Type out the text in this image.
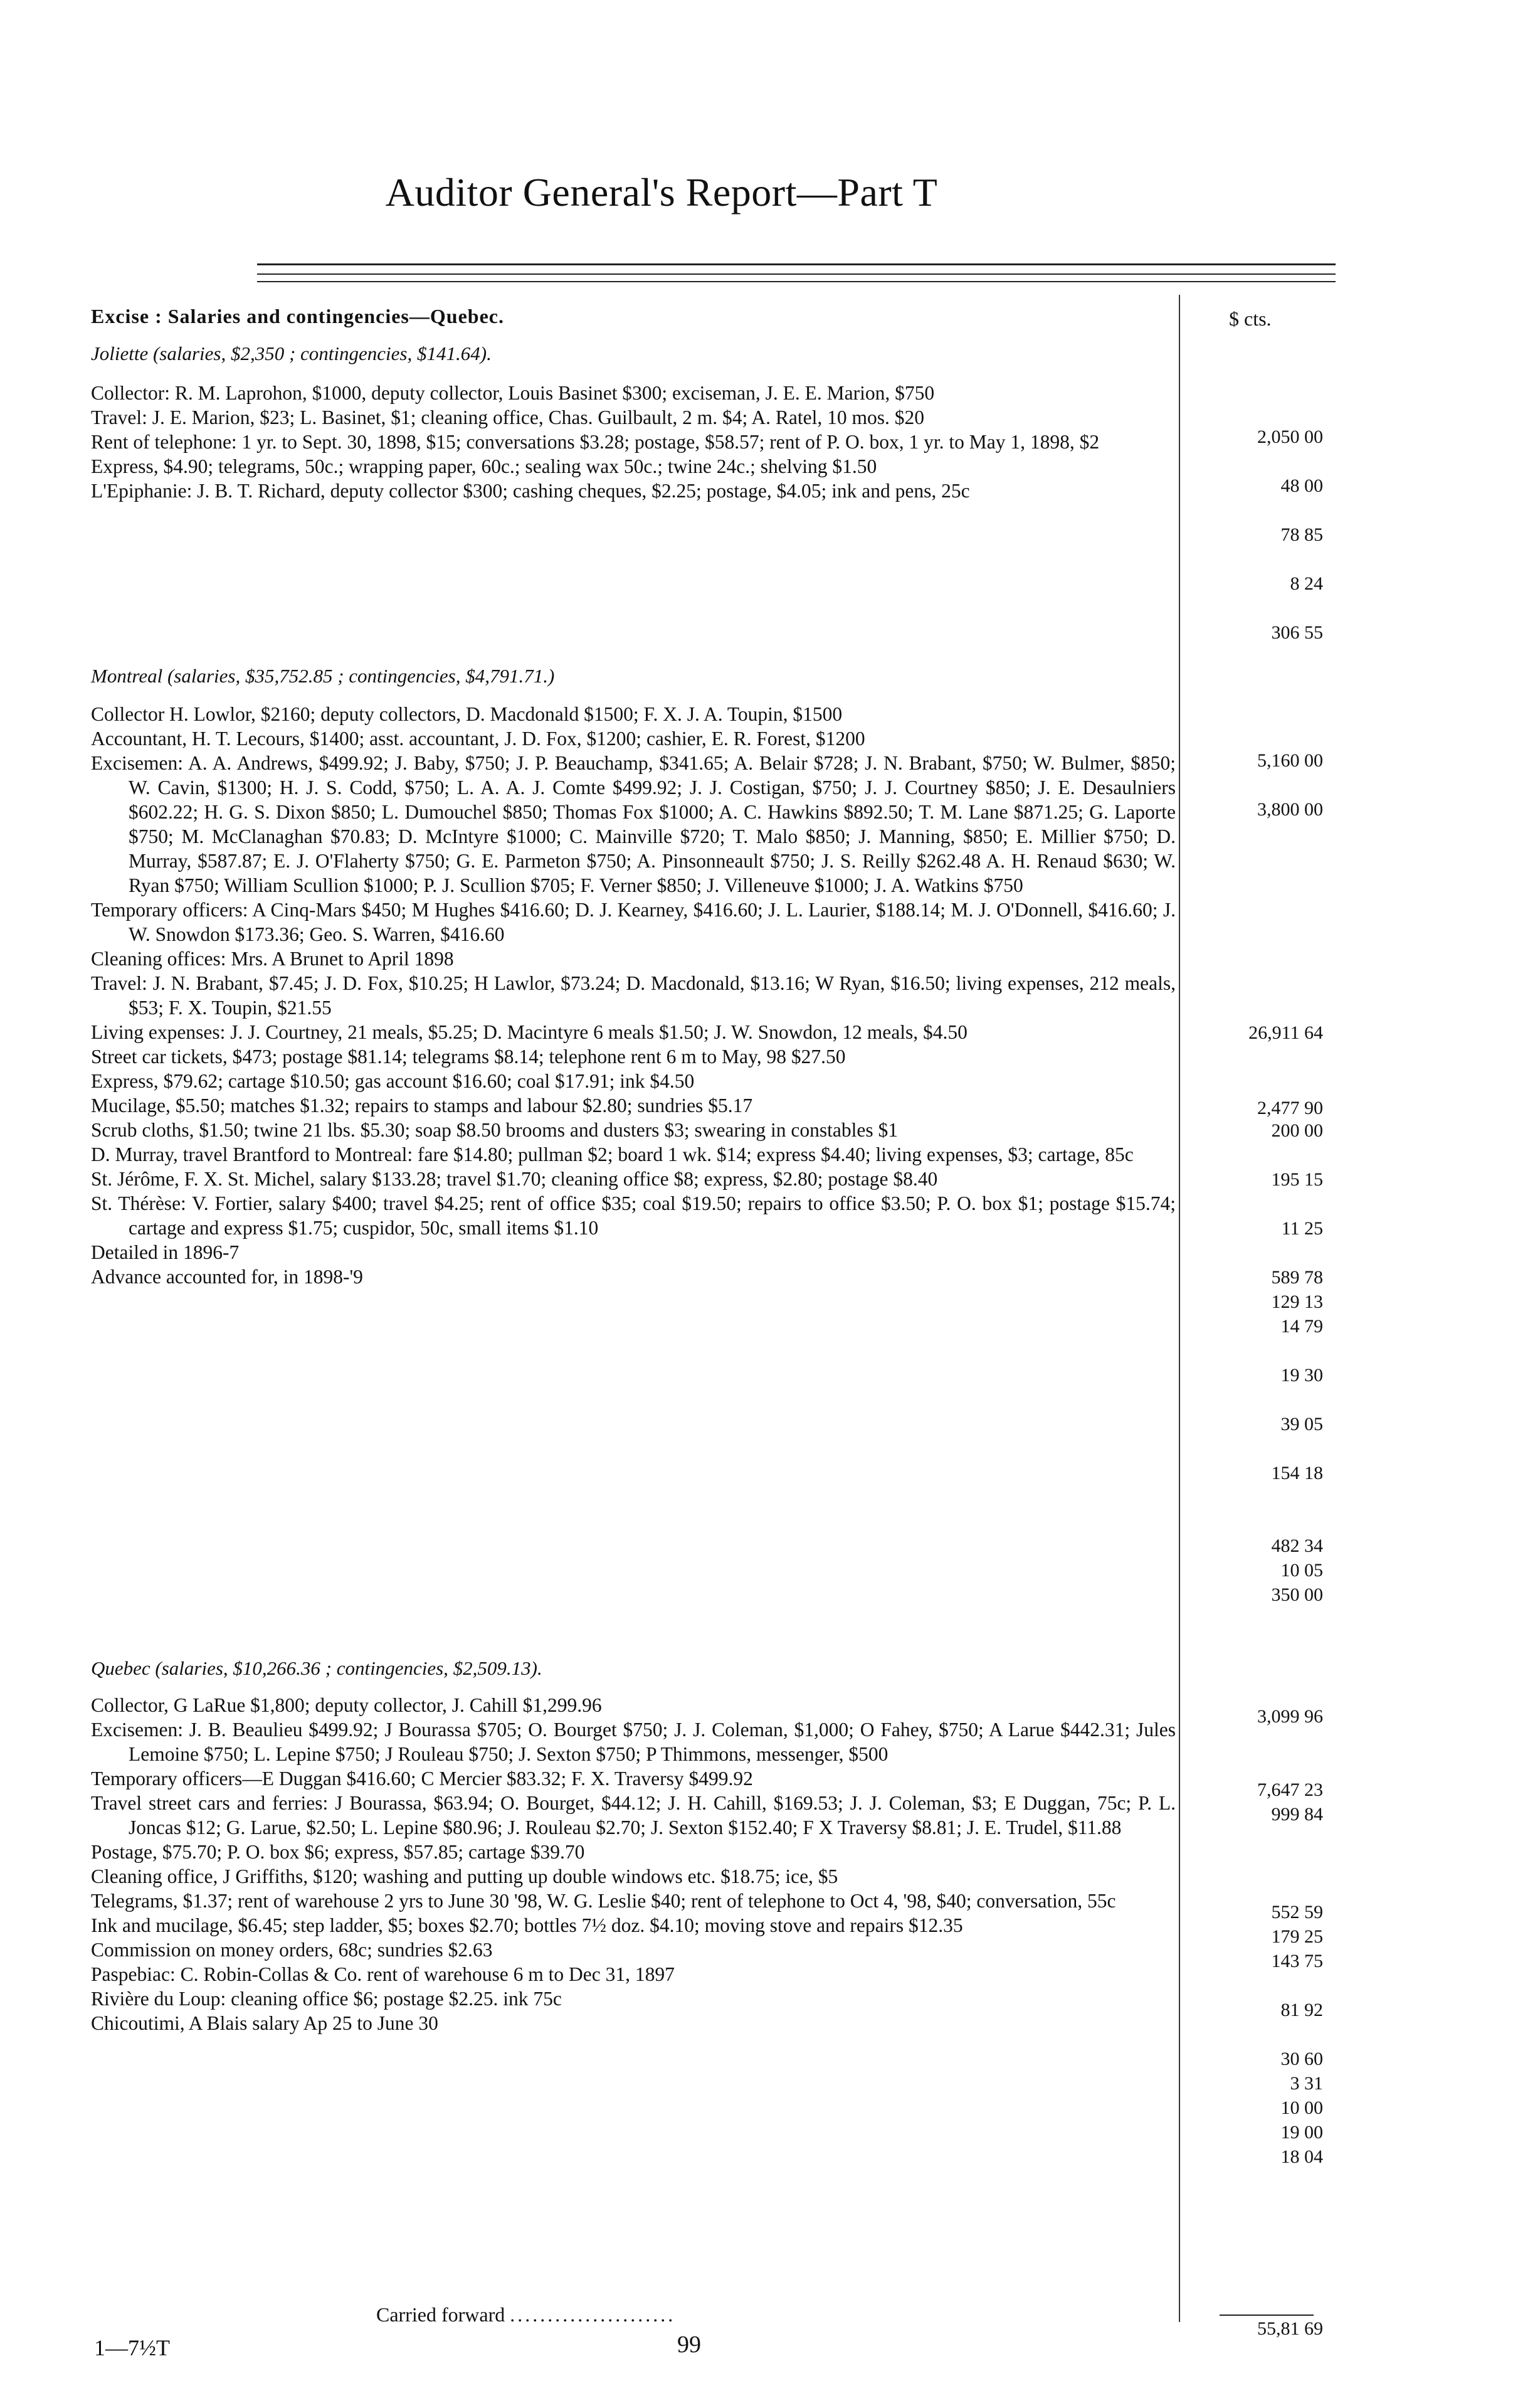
Auditor General's Report—Part T
$ cts.

Excise : Salaries and contingencies—Quebec.

Joliette (salaries, $2,350 ; contingencies, $141.64).

Collector: R. M. Laprohon, $1000, deputy collector, Louis Basinet $300; exciseman, J. E. E. Marion, $750

Travel: J. E. Marion, $23; L. Basinet, $1; cleaning office, Chas. Guilbault, 2 m. $4; A. Ratel, 10 mos. $20

Rent of telephone: 1 yr. to Sept. 30, 1898, $15; conversations $3.28; postage, $58.57; rent of P. O. box, 1 yr. to May 1, 1898, $2

Express, $4.90; telegrams, 50c.; wrapping paper, 60c.; sealing wax 50c.; twine 24c.; shelving $1.50

L'Epiphanie: J. B. T. Richard, deputy collector $300; cashing cheques, $2.25; postage, $4.05; ink and pens, 25c

Montreal (salaries, $35,752.85 ; contingencies, $4,791.71.)

Collector H. Lowlor, $2160; deputy collectors, D. Macdonald $1500; F. X. J. A. Toupin, $1500

Accountant, H. T. Lecours, $1400; asst. accountant, J. D. Fox, $1200; cashier, E. R. Forest, $1200

Excisemen: A. A. Andrews, $499.92; J. Baby, $750; J. P. Beauchamp, $341.65; A. Belair $728; J. N. Brabant, $750; W. Bulmer, $850; W. Cavin, $1300; H. J. S. Codd, $750; L. A. A. J. Comte $499.92; J. J. Costigan, $750; J. J. Courtney $850; J. E. Desaulniers $602.22; H. G. S. Dixon $850; L. Dumouchel $850; Thomas Fox $1000; A. C. Hawkins $892.50; T. M. Lane $871.25; G. Laporte $750; M. McClanaghan $70.83; D. McIntyre $1000; C. Mainville $720; T. Malo $850; J. Manning, $850; E. Millier $750; D. Murray, $587.87; E. J. O'Flaherty $750; G. E. Parmeton $750; A. Pinsonneault $750; J. S. Reilly $262.48 A. H. Renaud $630; W. Ryan $750; William Scullion $1000; P. J. Scullion $705; F. Verner $850; J. Villeneuve $1000; J. A. Watkins $750

Temporary officers: A Cinq-Mars $450; M Hughes $416.60; D. J. Kearney, $416.60; J. L. Laurier, $188.14; M. J. O'Donnell, $416.60; J. W. Snowdon $173.36; Geo. S. Warren, $416.60

Cleaning offices: Mrs. A Brunet to April 1898

Travel: J. N. Brabant, $7.45; J. D. Fox, $10.25; H Lawlor, $73.24; D. Macdonald, $13.16; W Ryan, $16.50; living expenses, 212 meals, $53; F. X. Toupin, $21.55

Living expenses: J. J. Courtney, 21 meals, $5.25; D. Macintyre 6 meals $1.50; J. W. Snowdon, 12 meals, $4.50

Street car tickets, $473; postage $81.14; telegrams $8.14; telephone rent 6 m to May, 98 $27.50

Express, $79.62; cartage $10.50; gas account $16.60; coal $17.91; ink $4.50

Mucilage, $5.50; matches $1.32; repairs to stamps and labour $2.80; sundries $5.17

Scrub cloths, $1.50; twine 21 lbs. $5.30; soap $8.50 brooms and dusters $3; swearing in constables $1

D. Murray, travel Brantford to Montreal: fare $14.80; pullman $2; board 1 wk. $14; express $4.40; living expenses, $3; cartage, 85c

St. Jérôme, F. X. St. Michel, salary $133.28; travel $1.70; cleaning office $8; express, $2.80; postage $8.40

St. Thérèse: V. Fortier, salary $400; travel $4.25; rent of office $35; coal $19.50; repairs to office $3.50; P. O. box $1; postage $15.74; cartage and express $1.75; cuspidor, 50c, small items $1.10

Detailed in 1896-7

Advance accounted for, in 1898-'9

Quebec (salaries, $10,266.36 ; contingencies, $2,509.13).

Collector, G LaRue $1,800; deputy collector, J. Cahill $1,299.96

Excisemen: J. B. Beaulieu $499.92; J Bourassa $705; O. Bourget $750; J. J. Coleman, $1,000; O Fahey, $750; A Larue $442.31; Jules Lemoine $750; L. Lepine $750; J Rouleau $750; J. Sexton $750; P Thimmons, messenger, $500

Temporary officers—E Duggan $416.60; C Mercier $83.32; F. X. Traversy $499.92

Travel street cars and ferries: J Bourassa, $63.94; O. Bourget, $44.12; J. H. Cahill, $169.53; J. J. Coleman, $3; E Duggan, 75c; P. L. Joncas $12; G. Larue, $2.50; L. Lepine $80.96; J. Rouleau $2.70; J. Sexton $152.40; F X Traversy $8.81; J. E. Trudel, $11.88

Postage, $75.70; P. O. box $6; express, $57.85; cartage $39.70

Cleaning office, J Griffiths, $120; washing and putting up double windows etc. $18.75; ice, $5

Telegrams, $1.37; rent of warehouse 2 yrs to June 30 '98, W. G. Leslie $40; rent of telephone to Oct 4, '98, $40; conversation, 55c

Ink and mucilage, $6.45; step ladder, $5; boxes $2.70; bottles 7½ doz. $4.10; moving stove and repairs $12.35

Commission on money orders, 68c; sundries $2.63

Paspebiac: C. Robin-Collas & Co. rent of warehouse 6 m to Dec 31, 1897

Rivière du Loup: cleaning office $6; postage $2.25. ink 75c

Chicoutimi, A Blais salary Ap 25 to June 30

2,050 00
48 00
78 85
8 24
306 55
5,160 00
3,800 00
26,911 64
2,477 90
200 00
195 15
11 25
589 78
129 13
14 79
19 30
39 05
154 18
482 34
10 05
350 00
3,099 96
7,647 23
999 84
552 59
179 25
143 75
81 92
30 60
3 31
10 00
19 00
18 04
55,81 69
Carried forward ......................
99
1—7½T
